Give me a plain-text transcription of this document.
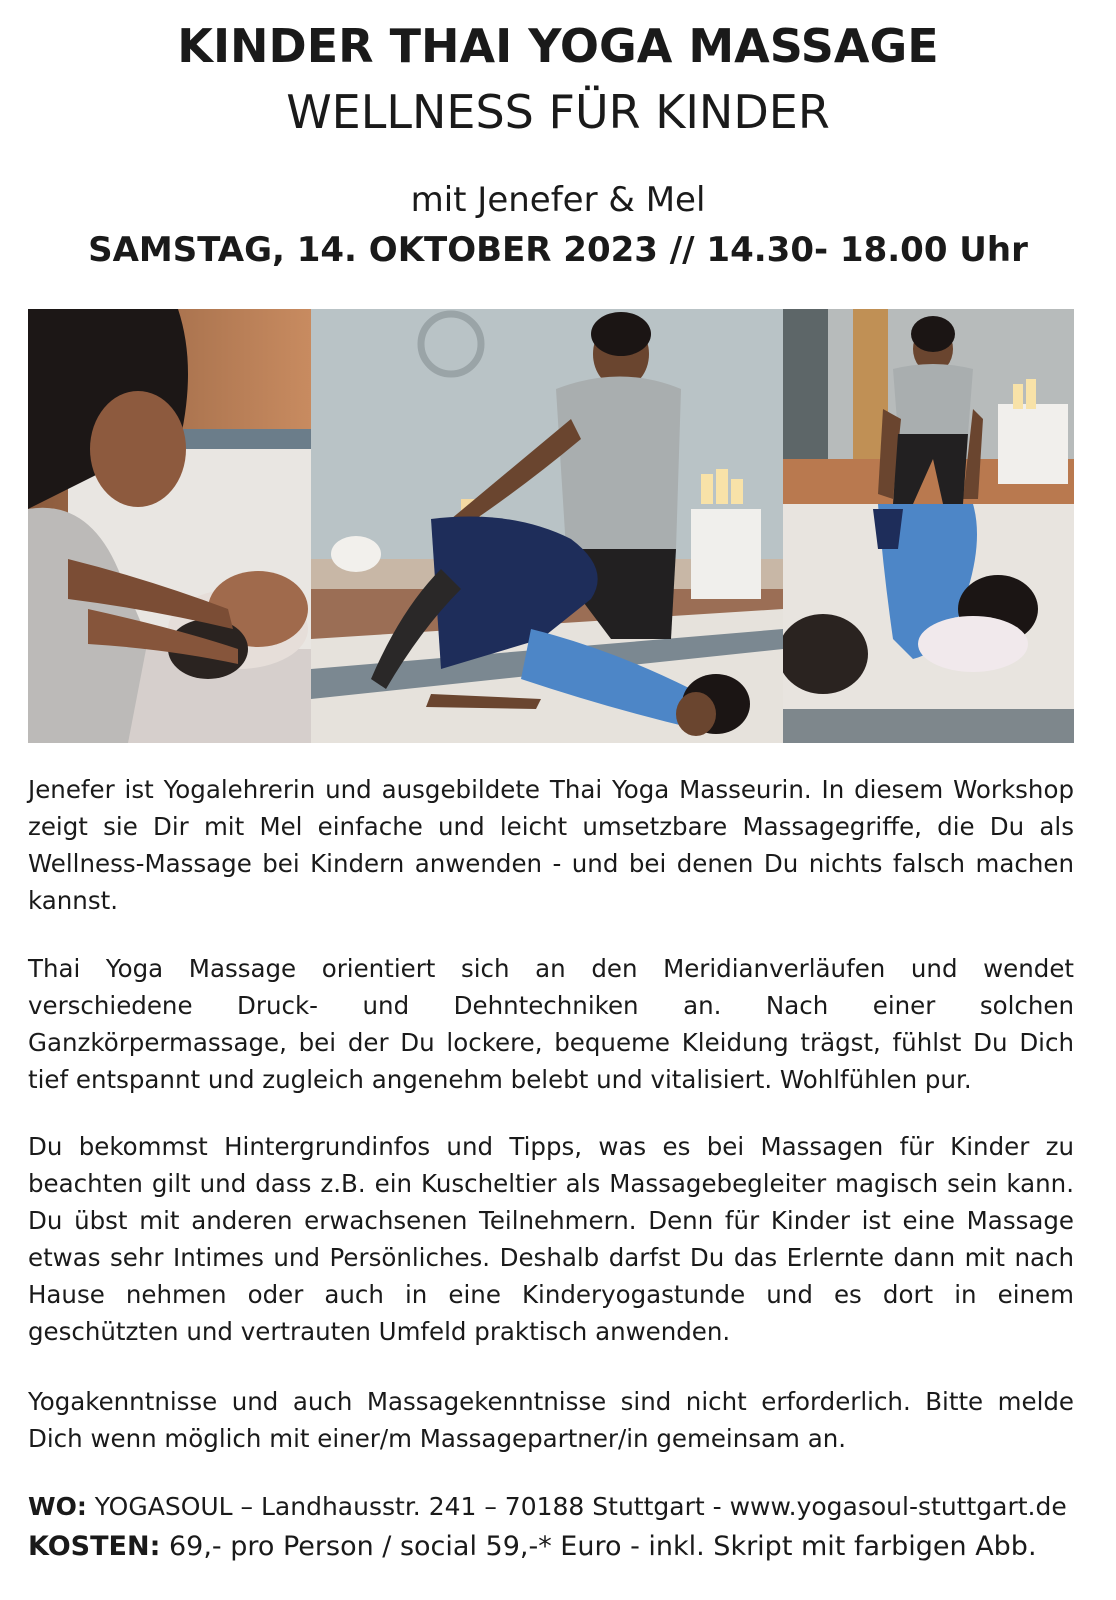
KINDER THAI YOGA MASSAGE
WELLNESS FÜR KINDER
mit Jenefer & Mel
SAMSTAG, 14. OKTOBER 2023 // 14.30- 18.00 Uhr

Jenefer ist Yogalehrerin und ausgebildete Thai Yoga Masseurin. In diesem Workshop zeigt sie Dir mit Mel einfache und leicht umsetzbare Massagegriffe, die Du als Wellness-Massage bei Kindern anwenden - und bei denen Du nichts falsch machen kannst.

Thai Yoga Massage orientiert sich an den Meridianverläufen und wendet verschiedene Druck- und Dehntechniken an. Nach einer solchen Ganzkörpermassage, bei der Du lockere, bequeme Kleidung trägst, fühlst Du Dich tief entspannt und zugleich angenehm belebt und vitalisiert. Wohlfühlen pur.

Du bekommst Hintergrundinfos und Tipps, was es bei Massagen für Kinder zu beachten gilt und dass z.B. ein Kuscheltier als Massagebegleiter magisch sein kann. Du übst mit anderen erwachsenen Teilnehmern. Denn für Kinder ist eine Massage etwas sehr Intimes und Persönliches. Deshalb darfst Du das Erlernte dann mit nach Hause nehmen oder auch in eine Kinderyogastunde und es dort in einem geschützten und vertrauten Umfeld praktisch anwenden.

Yogakenntnisse und auch Massagekenntnisse sind nicht erforderlich. Bitte melde Dich wenn möglich mit einer/m Massagepartner/in gemeinsam an.

WO: YOGASOUL – Landhausstr. 241 – 70188 Stuttgart - www.yogasoul-stuttgart.de
KOSTEN: 69,- pro Person / social 59,-* Euro - inkl. Skript mit farbigen Abb.
